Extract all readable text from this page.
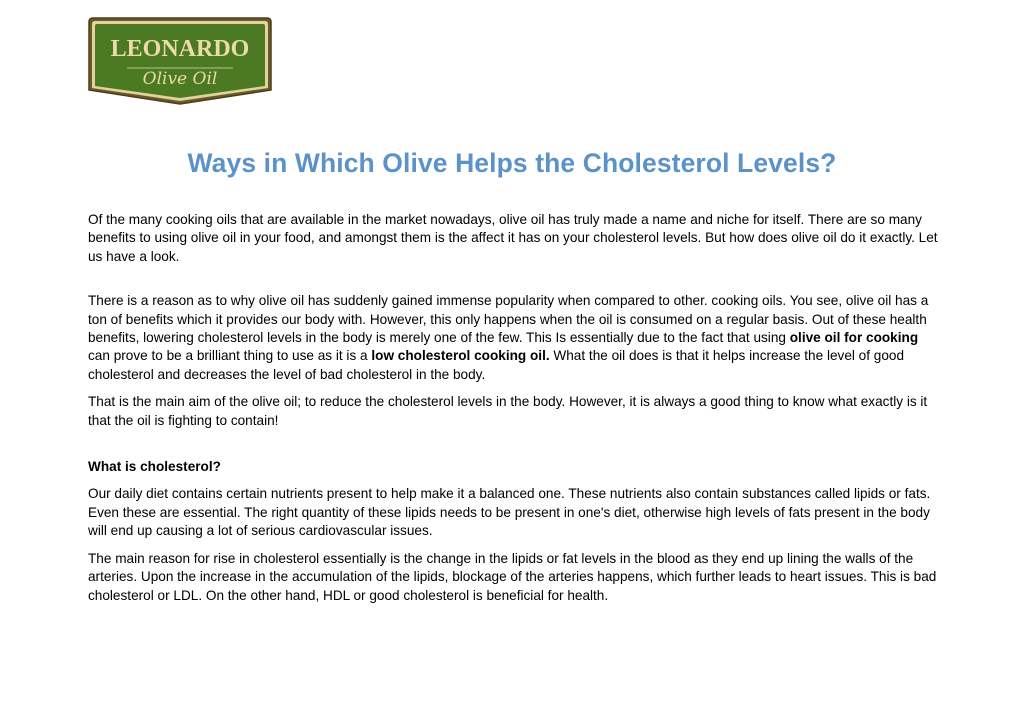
LEONARDO
Olive Oil
Ways in Which Olive Helps the Cholesterol Levels?

Of the many cooking oils that are available in the market nowadays, olive oil has truly made a name and niche for itself. There are so many benefits to using olive oil in your food, and amongst them is the affect it has on your cholesterol levels. But how does olive oil do it exactly. Let us have a look.

There is a reason as to why olive oil has suddenly gained immense popularity when compared to other. cooking oils. You see, olive oil has a ton of benefits which it provides our body with. However, this only happens when the oil is consumed on a regular basis. Out of these health benefits, lowering cholesterol levels in the body is merely one of the few. This Is essentially due to the fact that using olive oil for cooking can prove to be a brilliant thing to use as it is a low cholesterol cooking oil. What the oil does is that it helps increase the level of good cholesterol and decreases the level of bad cholesterol in the body.

That is the main aim of the olive oil; to reduce the cholesterol levels in the body. However, it is always a good thing to know what exactly is it that the oil is fighting to contain!

What is cholesterol?

Our daily diet contains certain nutrients present to help make it a balanced one. These nutrients also contain substances called lipids or fats. Even these are essential. The right quantity of these lipids needs to be present in one's diet, otherwise high levels of fats present in the body will end up causing a lot of serious cardiovascular issues.

The main reason for rise in cholesterol essentially is the change in the lipids or fat levels in the blood as they end up lining the walls of the arteries. Upon the increase in the accumulation of the lipids, blockage of the arteries happens, which further leads to heart issues. This is bad cholesterol or LDL. On the other hand, HDL or good cholesterol is beneficial for health.
